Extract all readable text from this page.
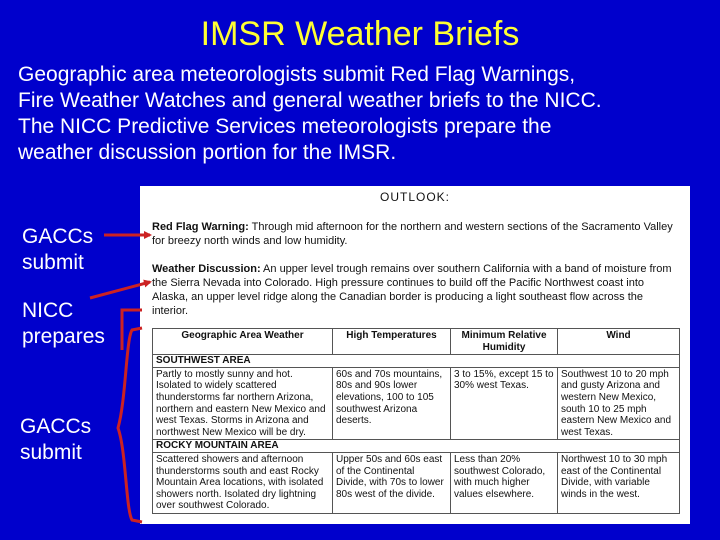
IMSR Weather Briefs
Geographic area meteorologists submit Red Flag Warnings,
Fire Weather Watches and general weather briefs to the NICC.
The NICC Predictive Services meteorologists prepare the
weather discussion portion for the IMSR.
GACCs
submit
NICC
prepares
GACCs
submit
OUTLOOK:
Red Flag Warning: Through mid afternoon for the northern and western sections of the Sacramento Valley for breezy north winds and low humidity.
Weather Discussion: An upper level trough remains over southern California with a band of moisture from the Sierra Nevada into Colorado. High pressure continues to build off the Pacific Northwest coast into Alaska, an upper level ridge along the Canadian border is producing a light southeast flow across the interior.
Geographic Area Weather	High Temperatures	Minimum Relative Humidity	Wind
SOUTHWEST AREA			
Partly to mostly sunny and hot. Isolated to widely scattered thunderstorms far northern Arizona, northern and eastern New Mexico and west Texas. Storms in Arizona and northwest New Mexico will be dry.	60s and 70s mountains, 80s and 90s lower elevations, 100 to 105 southwest Arizona deserts.	3 to 15%, except 15 to 30% west Texas.	Southwest 10 to 20 mph and gusty Arizona and western New Mexico, south 10 to 25 mph eastern New Mexico and west Texas.
ROCKY MOUNTAIN AREA			
Scattered showers and afternoon thunderstorms south and east Rocky Mountain Area locations, with isolated showers north. Isolated dry lightning over southwest Colorado.	Upper 50s and 60s east of the Continental Divide, with 70s to lower 80s west of the divide.	Less than 20% southwest Colorado, with much higher values elsewhere.	Northwest 10 to 30 mph east of the Continental Divide, with variable winds in the west.
